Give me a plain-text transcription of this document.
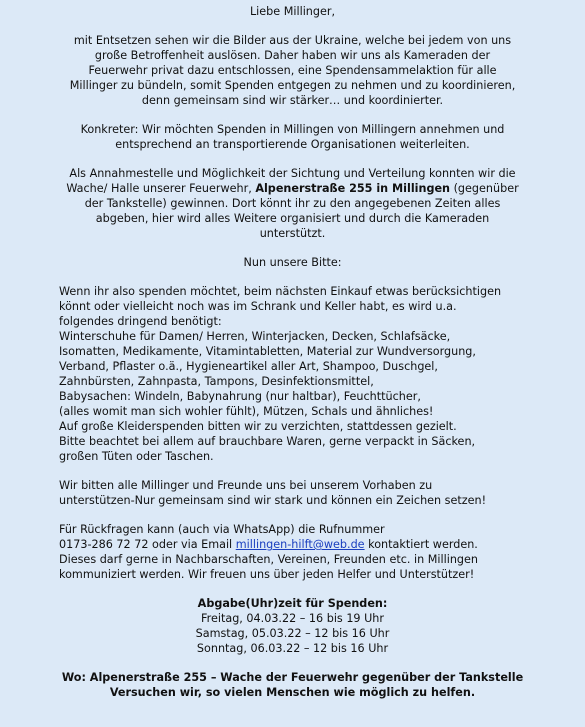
Liebe Millinger,

mit Entsetzen sehen wir die Bilder aus der Ukraine, welche bei jedem von uns
große Betroffenheit auslösen. Daher haben wir uns als Kameraden der
Feuerwehr privat dazu entschlossen, eine Spendensammelaktion für alle
Millinger zu bündeln, somit Spenden entgegen zu nehmen und zu koordinieren,
denn gemeinsam sind wir stärker… und koordinierter.
Konkreter: Wir möchten Spenden in Millingen von Millingern annehmen und
entsprechend an transportierende Organisationen weiterleiten.
Als Annahmestelle und Möglichkeit der Sichtung und Verteilung konnten wir die
Wache/ Halle unserer Feuerwehr, Alpenerstraße 255 in Millingen (gegenüber
der Tankstelle) gewinnen. Dort könnt ihr zu den angegebenen Zeiten alles
abgeben, hier wird alles Weitere organisiert und durch die Kameraden
unterstützt.

Nun unsere Bitte:

Wenn ihr also spenden möchtet, beim nächsten Einkauf etwas berücksichtigen
könnt oder vielleicht noch was im Schrank und Keller habt, es wird u.a.
folgendes dringend benötigt:
Winterschuhe für Damen/ Herren, Winterjacken, Decken, Schlafsäcke,
Isomatten, Medikamente, Vitamintabletten, Material zur Wundversorgung,
Verband, Pflaster o.ä., Hygieneartikel aller Art, Shampoo, Duschgel,
Zahnbürsten, Zahnpasta, Tampons, Desinfektionsmittel,
Babysachen: Windeln, Babynahrung (nur haltbar), Feuchttücher,
(alles womit man sich wohler fühlt), Mützen, Schals und ähnliches!
Auf große Kleiderspenden bitten wir zu verzichten, stattdessen gezielt.
Bitte beachtet bei allem auf brauchbare Waren, gerne verpackt in Säcken,
großen Tüten oder Taschen.
Wir bitten alle Millinger und Freunde uns bei unserem Vorhaben zu
unterstützen-Nur gemeinsam sind wir stark und können ein Zeichen setzen!
Für Rückfragen kann (auch via WhatsApp) die Rufnummer
0173-286 72 72 oder via Email millingen-hilft@web.de kontaktiert werden.
Dieses darf gerne in Nachbarschaften, Vereinen, Freunden etc. in Millingen
kommuniziert werden. Wir freuen uns über jeden Helfer und Unterstützer!
Abgabe(Uhr)zeit für Spenden:
Freitag, 04.03.22 – 16 bis 19 Uhr
Samstag, 05.03.22 – 12 bis 16 Uhr
Sonntag, 06.03.22 – 12 bis 16 Uhr
Wo: Alpenerstraße 255 – Wache der Feuerwehr gegenüber der Tankstelle
Versuchen wir, so vielen Menschen wie möglich zu helfen.
